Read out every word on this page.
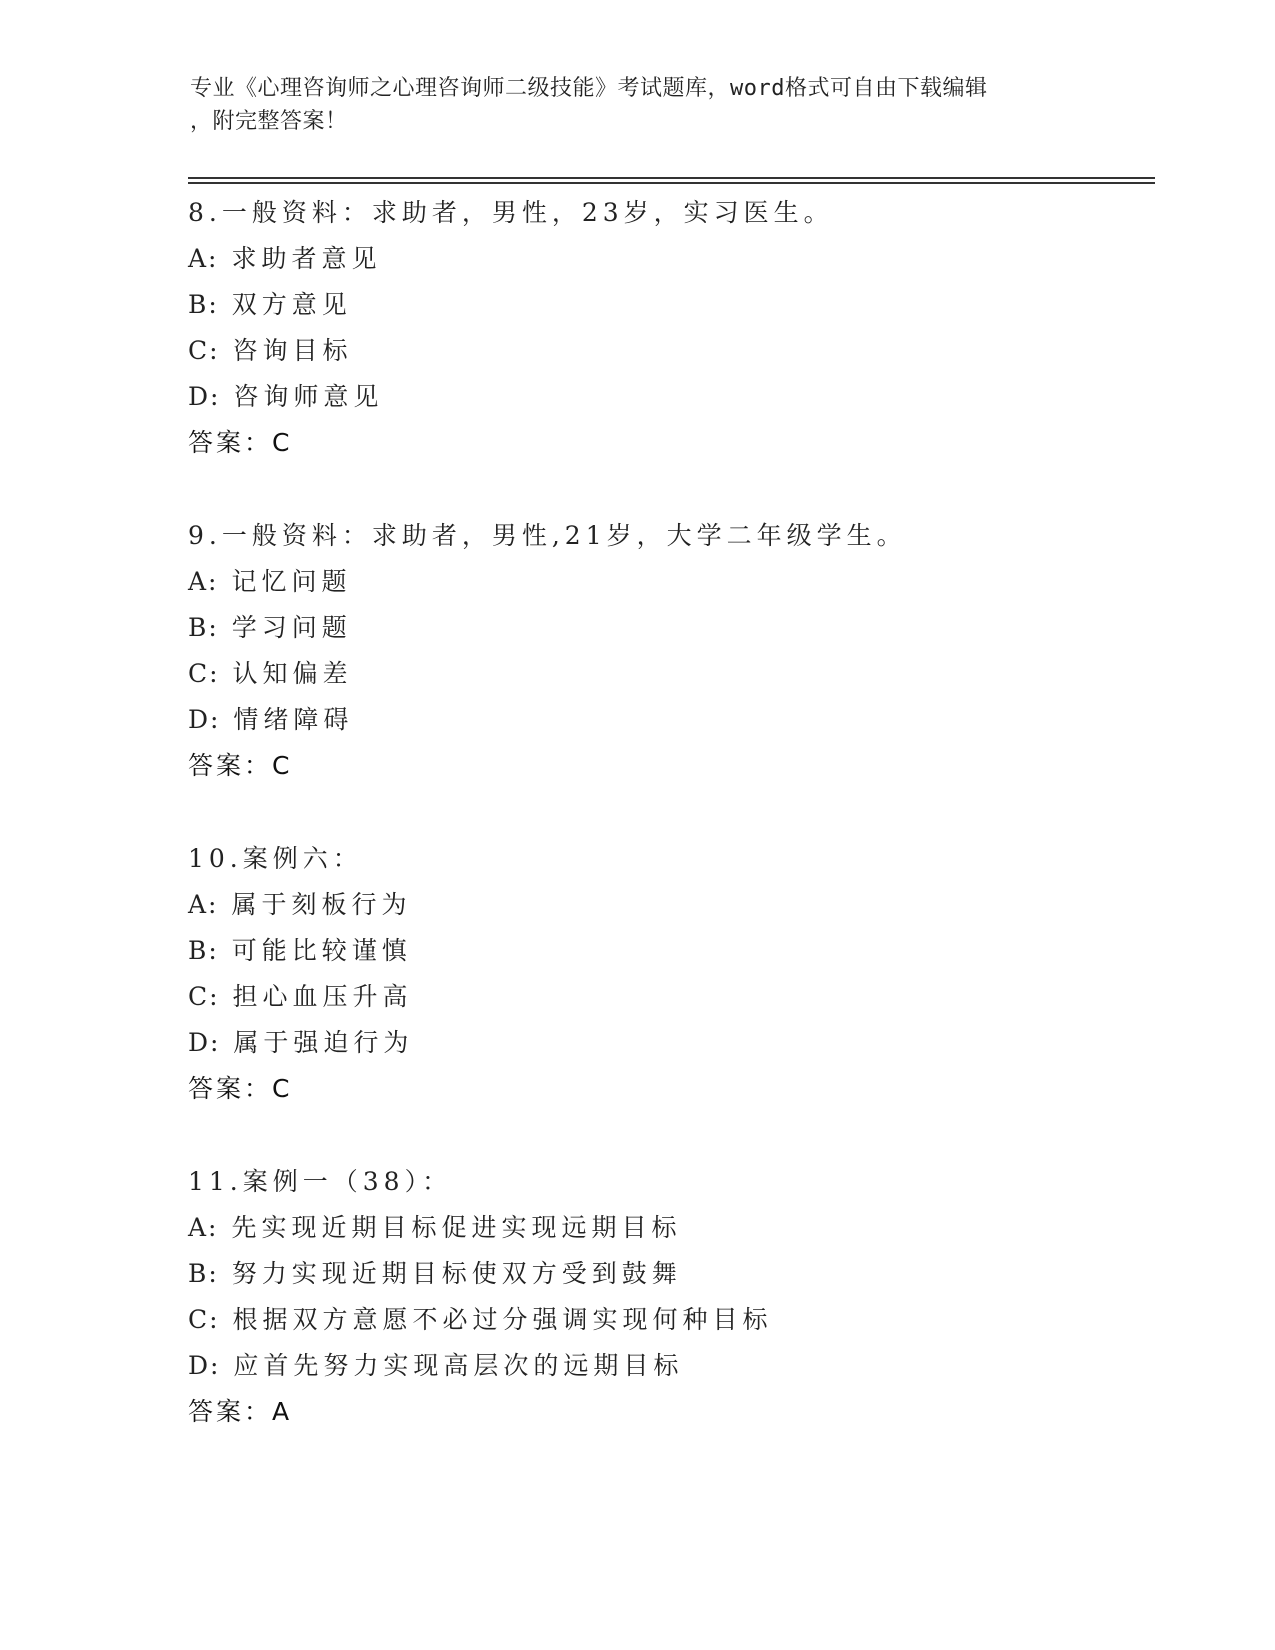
专业《心理咨询师之心理咨询师二级技能》考试题库，word格式可自由下载编辑
，附完整答案！
8.一般资料：求助者，男性，23岁，实习医生。
A: 求助者意见
B: 双方意见
C: 咨询目标
D: 咨询师意见
答案：C
9.一般资料：求助者，男性,21岁，大学二年级学生。
A: 记忆问题
B: 学习问题
C: 认知偏差
D: 情绪障碍
答案：C
10.案例六：
A: 属于刻板行为
B: 可能比较谨慎
C: 担心血压升高
D: 属于强迫行为
答案：C
11.案例一（38）：
A: 先实现近期目标促进实现远期目标
B: 努力实现近期目标使双方受到鼓舞
C: 根据双方意愿不必过分强调实现何种目标
D: 应首先努力实现高层次的远期目标
答案：A
